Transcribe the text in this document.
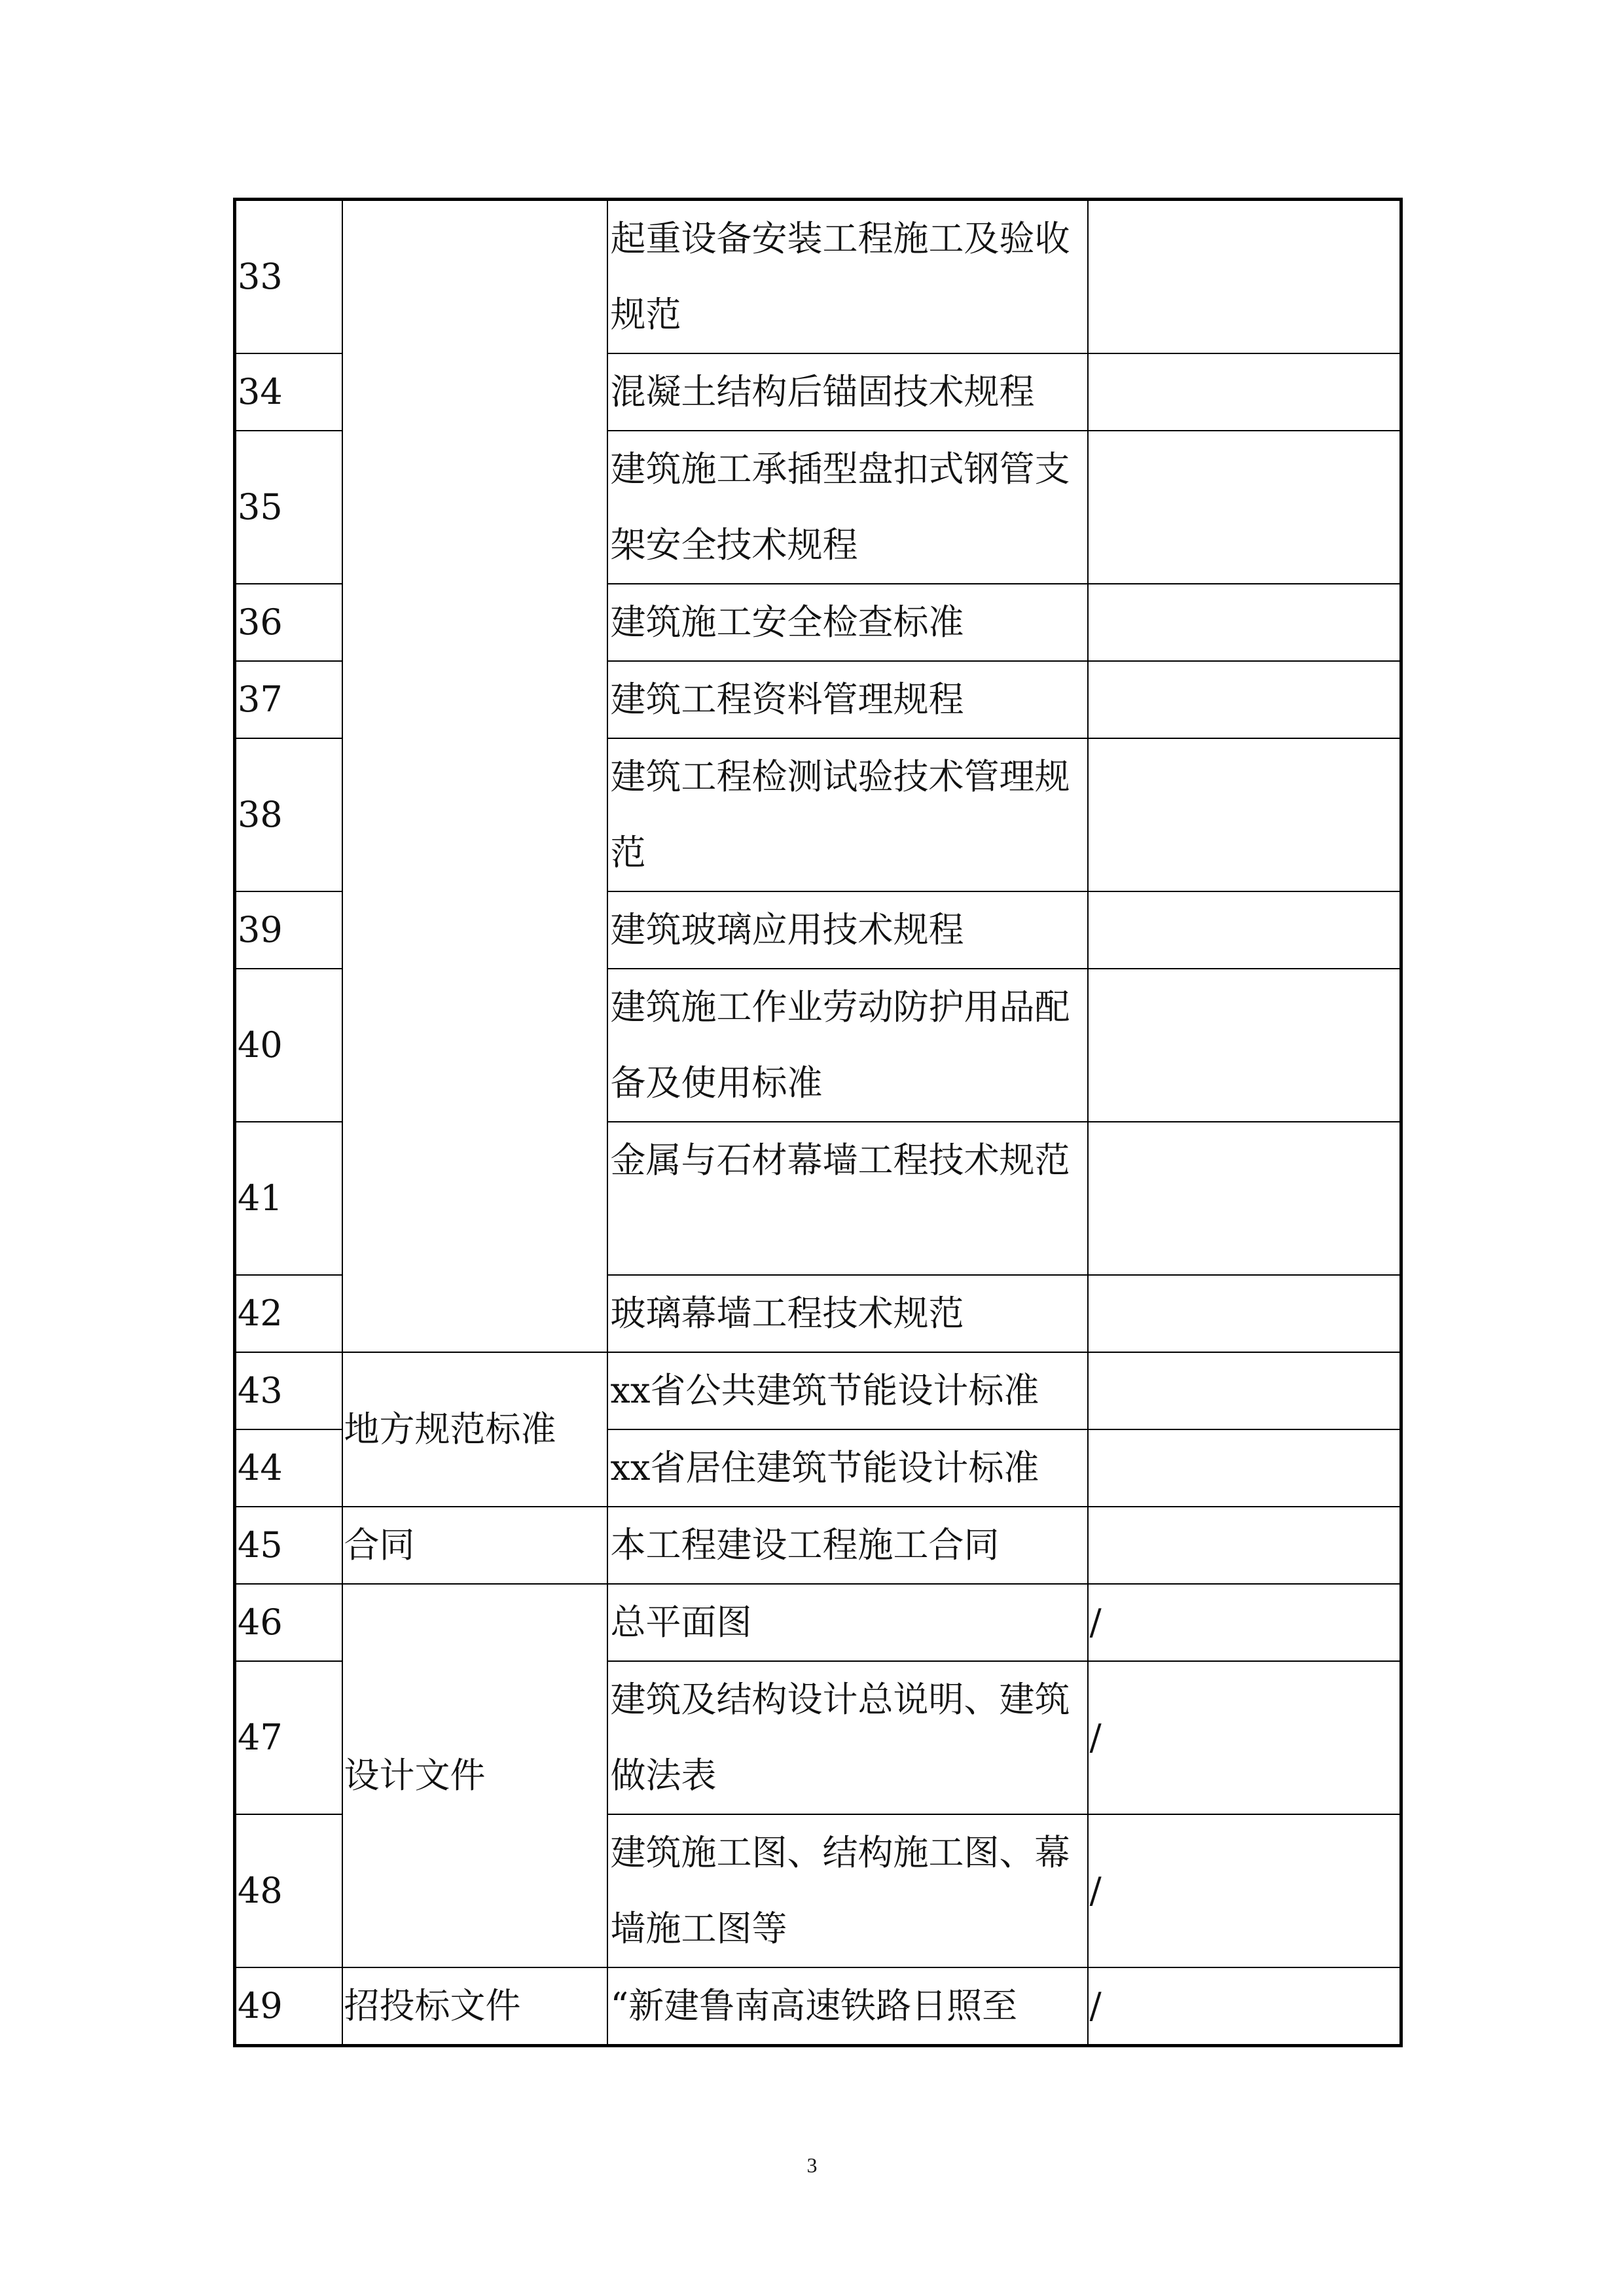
33		起重设备安装工程施工及验收规范	
34		混凝土结构后锚固技术规程	
35		建筑施工承插型盘扣式钢管支架安全技术规程	
36		建筑施工安全检查标准	
37		建筑工程资料管理规程	
38		建筑工程检测试验技术管理规范	
39		建筑玻璃应用技术规程	
40		建筑施工作业劳动防护用品配备及使用标准	
41		金属与石材幕墙工程技术规范	
42		玻璃幕墙工程技术规范	
43	地方规范标准	xx省公共建筑节能设计标准	
44		xx省居住建筑节能设计标准	
45	合同	本工程建设工程施工合同	
46	设计文件	总平面图	/
47		建筑及结构设计总说明、建筑做法表	/
48		建筑施工图、结构施工图、幕墙施工图等	/
49	招投标文件	“新建鲁南高速铁路日照至	/
3
